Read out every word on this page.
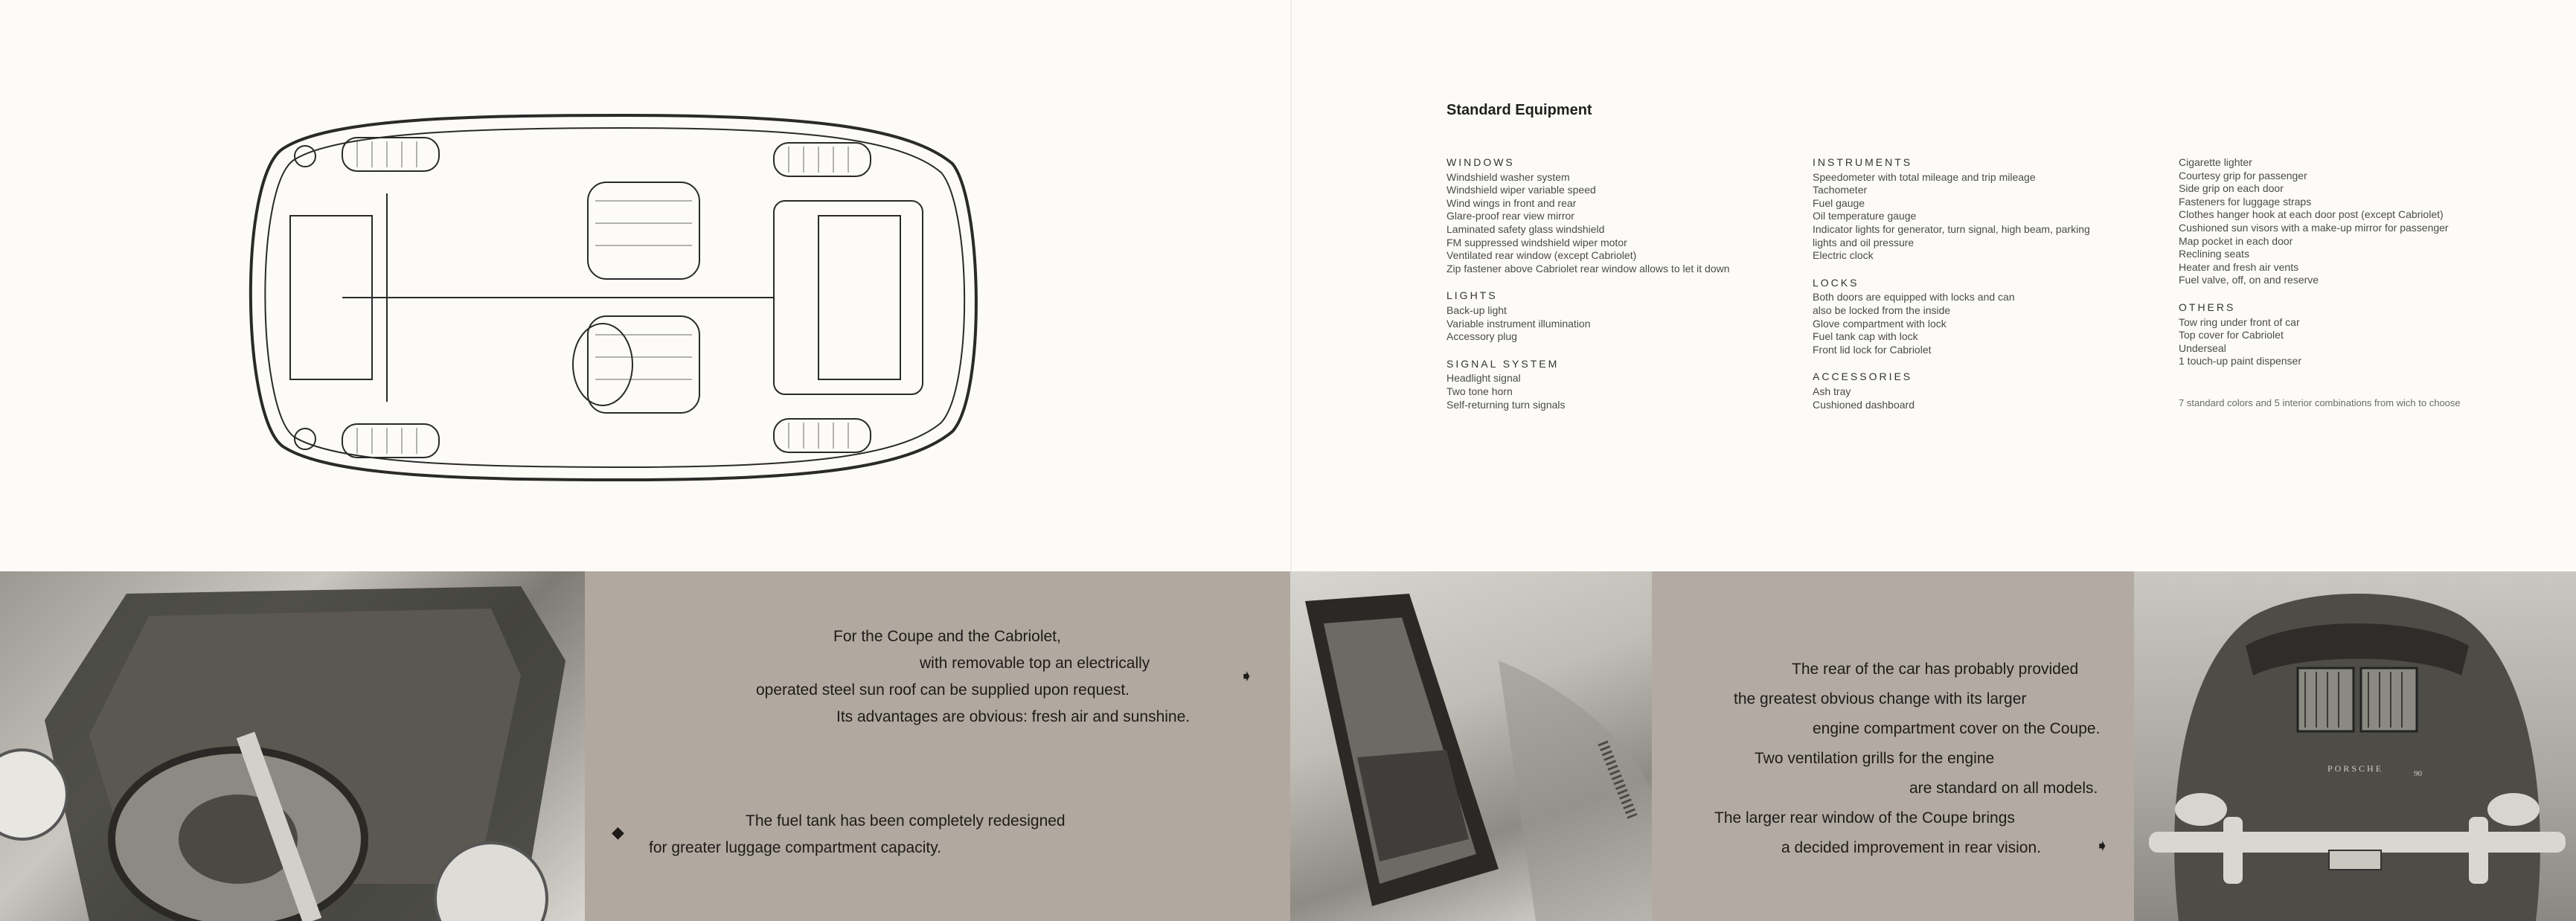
Standard Equipment
WINDOWS
Windshield washer system
Windshield wiper variable speed
Wind wings in front and rear
Glare-proof rear view mirror
Laminated safety glass windshield
FM suppressed windshield wiper motor
Ventilated rear window (except Cabriolet)
Zip fastener above Cabriolet rear window allows to let it down
LIGHTS
Back-up light
Variable instrument illumination
Accessory plug
SIGNAL SYSTEM
Headlight signal
Two tone horn
Self-returning turn signals
INSTRUMENTS
Speedometer with total mileage and trip mileage
Tachometer
Fuel gauge
Oil temperature gauge
Indicator lights for generator, turn signal, high beam, parking
lights and oil pressure
Electric clock
LOCKS
Both doors are equipped with locks and can
also be locked from the inside
Glove compartment with lock
Fuel tank cap with lock
Front lid lock for Cabriolet
ACCESSORIES
Ash tray
Cushioned dashboard
Cigarette lighter
Courtesy grip for passenger
Side grip on each door
Fasteners for luggage straps
Clothes hanger hook at each door post (except Cabriolet)
Cushioned sun visors with a make-up mirror for passenger
Map pocket in each door
Reclining seats
Heater and fresh air vents
Fuel valve, off, on and reserve
OTHERS
Tow ring under front of car
Top cover for Cabriolet
Underseal
1 touch-up paint dispenser
7 standard colors and 5 interior combinations from wich to choose
For the Coupe and the Cabriolet,
with removable top an electrically
operated steel sun roof can be supplied upon request.
Its advantages are obvious: fresh air and sunshine.
➧
The fuel tank has been completely redesigned
for greater luggage compartment capacity.
◆
The rear of the car has probably provided
the greatest obvious change with its larger
engine compartment cover on the Coupe.
Two ventilation grills for the engine
are standard on all models.
The larger rear window of the Coupe brings
a decided improvement in rear vision.	➧
PORSCHE	90
